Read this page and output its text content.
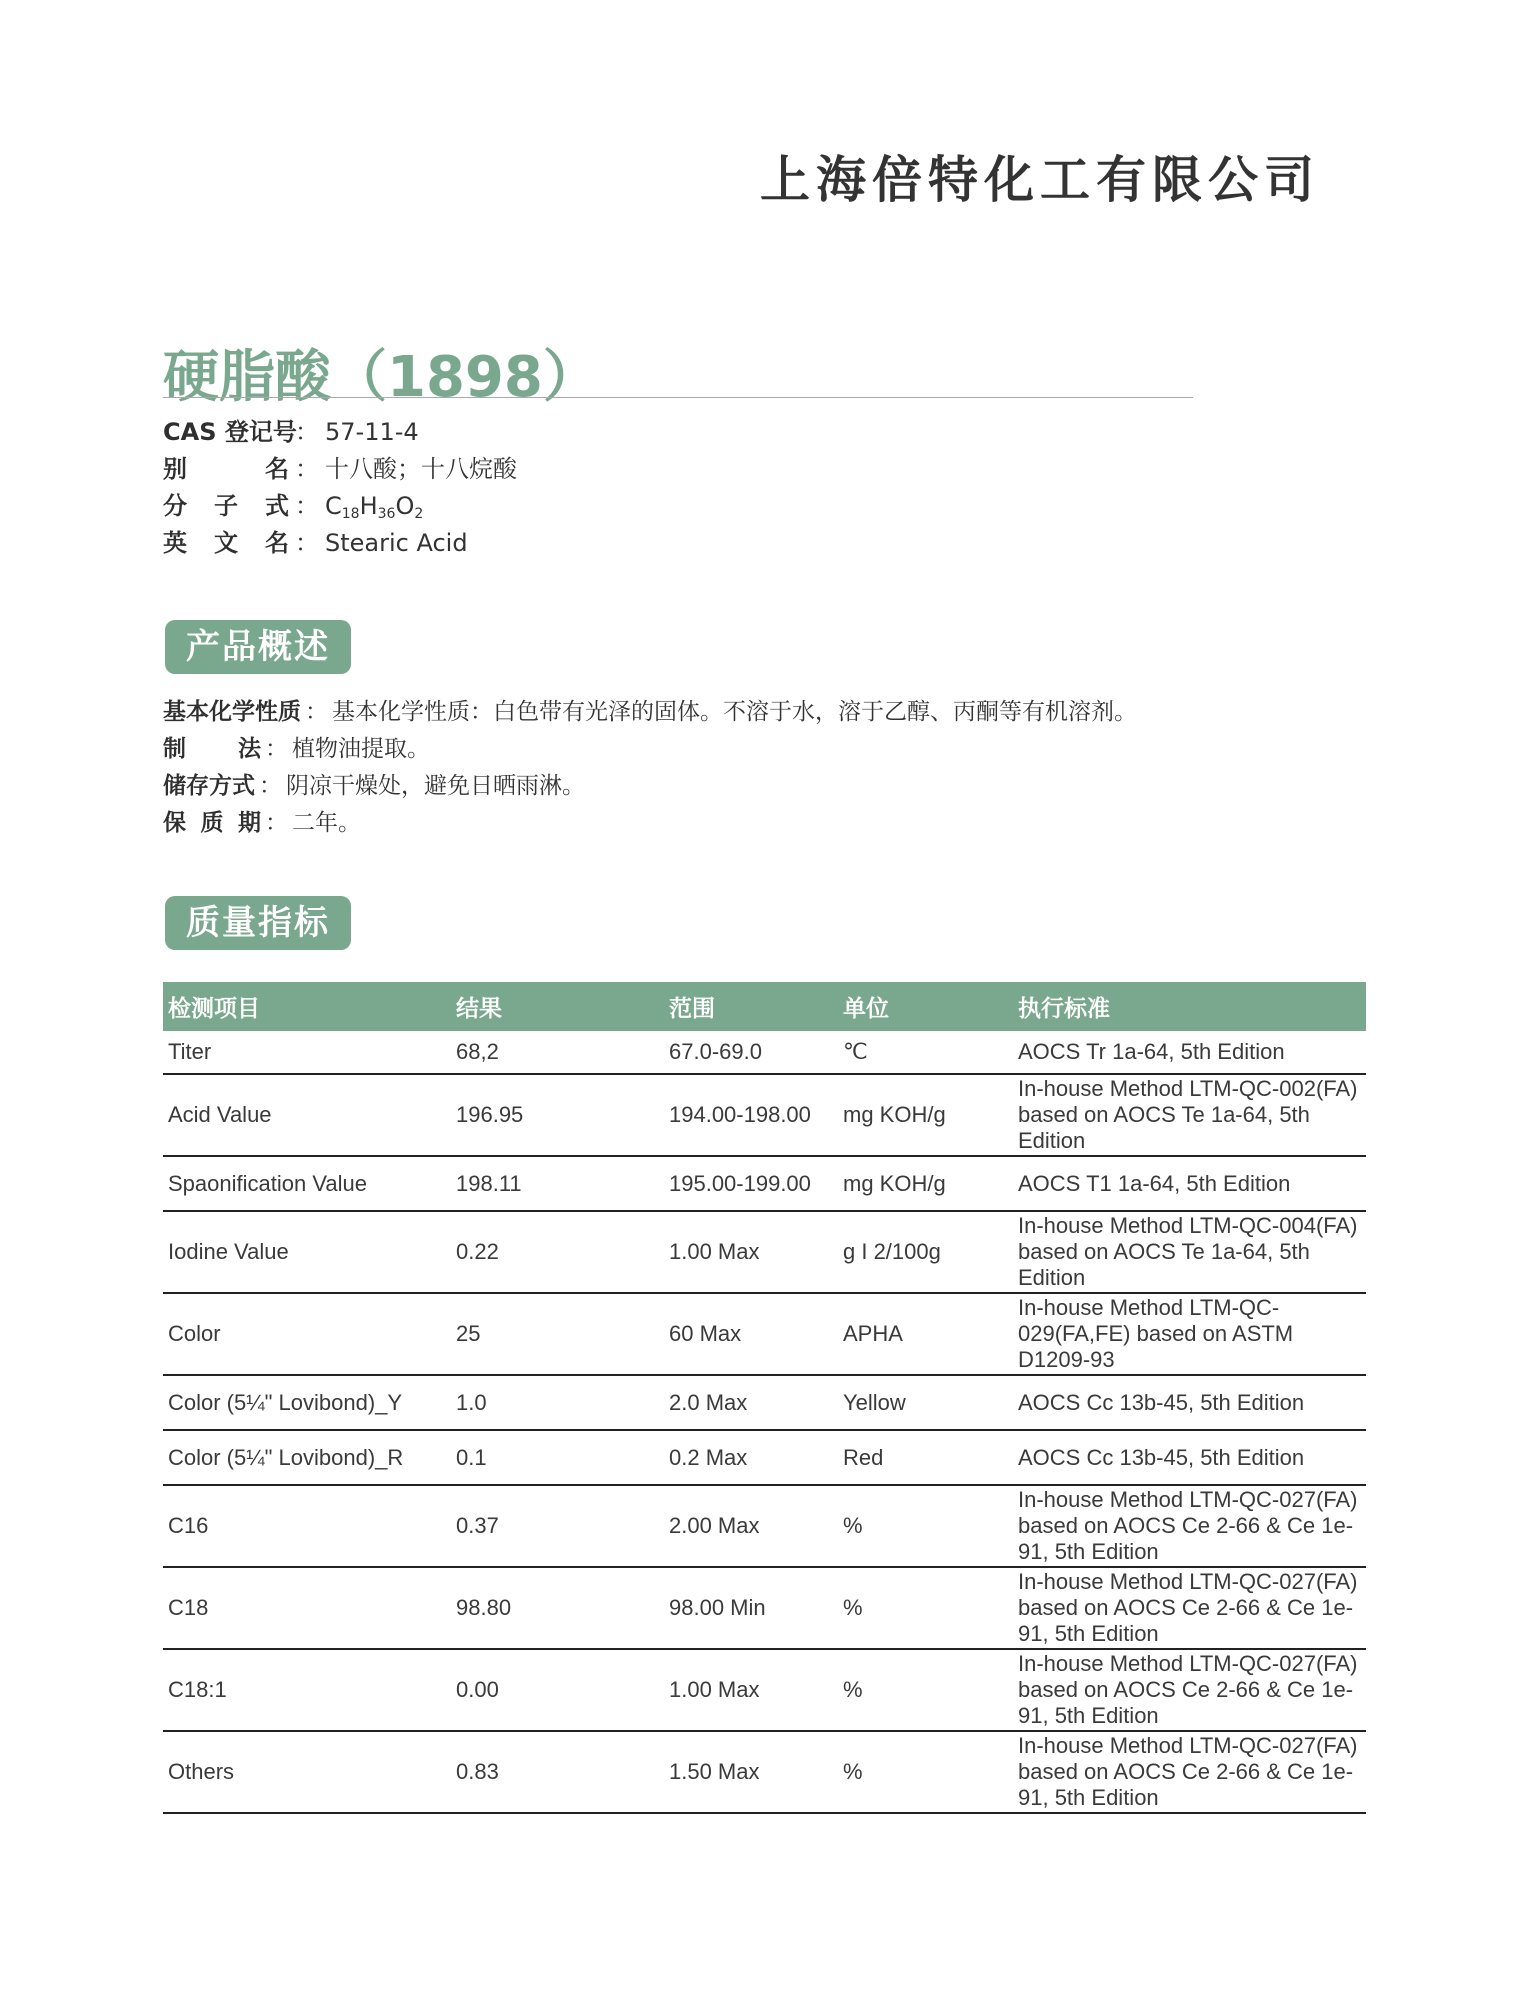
上海倍特化工有限公司
硬脂酸（1898）
CAS 登记号
： 57-11-4
别名 ： 十八酸；十八烷酸
分子式 ： $C_{18}H_{36}O_2$
英文名 ： Stearic Acid
产品概述
基本化学性质 ： 基本化学性质：白色带有光泽的固体。不溶于水，溶于乙醇、丙酮等有机溶剂。
制法 ： 植物油提取。
储存方式 ： 阴凉干燥处，避免日晒雨淋。
保质期 ： 二年。
质量指标
检测项目	结果	范围	单位	执行标准
Titer	68,2	67.0-69.0	℃	AOCS Tr 1a-64, 5th Edition
Acid Value	196.95	194.00-198.00	mg KOH/g	In-house Method LTM-QC-002(FA) based on AOCS Te 1a-64, 5th Edition
Spaonification Value	198.11	195.00-199.00	mg KOH/g	AOCS T1 1a-64, 5th Edition
Iodine Value	0.22	1.00 Max	g I 2/100g	In-house Method LTM-QC-004(FA) based on AOCS Te 1a-64, 5th Edition
Color	25	60 Max	APHA	In-house Method LTM-QC-029(FA,FE) based on ASTM D1209-93
Color (5¼" Lovibond)_Y	1.0	2.0 Max	Yellow	AOCS Cc 13b-45, 5th Edition
Color (5¼" Lovibond)_R	0.1	0.2 Max	Red	AOCS Cc 13b-45, 5th Edition
C16	0.37	2.00 Max	%	In-house Method LTM-QC-027(FA) based on AOCS Ce 2-66 & Ce 1e-91, 5th Edition
C18	98.80	98.00 Min	%	In-house Method LTM-QC-027(FA) based on AOCS Ce 2-66 & Ce 1e-91, 5th Edition
C18:1	0.00	1.00 Max	%	In-house Method LTM-QC-027(FA) based on AOCS Ce 2-66 & Ce 1e-91, 5th Edition
Others	0.83	1.50 Max	%	In-house Method LTM-QC-027(FA) based on AOCS Ce 2-66 & Ce 1e-91, 5th Edition
